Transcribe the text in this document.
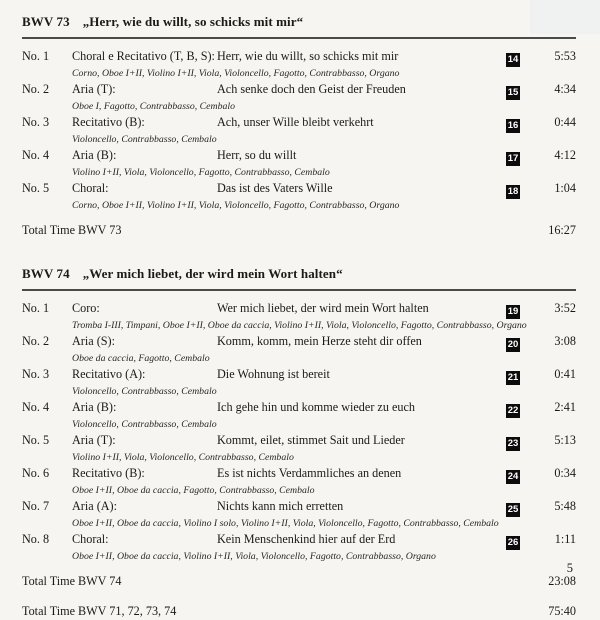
BWV 73 „Herr, wie du willt, so schicks mit mir“
No. 1	Choral e Recitativo (T, B, S): Herr, wie du willt, so schicks mit mir	14	5:53
Corno, Oboe I+II, Violino I+II, Viola, Violoncello, Fagotto, Contrabbasso, Organo
No. 2	Aria (T):	Ach senke doch den Geist der Freuden	15	4:34
Oboe I, Fagotto, Contrabbasso, Cembalo
No. 3	Recitativo (B):	Ach, unser Wille bleibt verkehrt	16	0:44
Violoncello, Contrabbasso, Cembalo
No. 4	Aria (B):	Herr, so du willt	17	4:12
Violino I+II, Viola, Violoncello, Fagotto, Contrabbasso, Cembalo
No. 5	Choral:	Das ist des Vaters Wille	18	1:04
Corno, Oboe I+II, Violino I+II, Viola, Violoncello, Fagotto, Contrabbasso, Organo
Total Time BWV 73	16:27
BWV 74 „Wer mich liebet, der wird mein Wort halten“
No. 1	Coro:	Wer mich liebet, der wird mein Wort halten	19	3:52
Tromba I-III, Timpani, Oboe I+II, Oboe da caccia, Violino I+II, Viola, Violoncello, Fagotto, Contrabbasso, Organo
No. 2	Aria (S):	Komm, komm, mein Herze steht dir offen	20	3:08
Oboe da caccia, Fagotto, Cembalo
No. 3	Recitativo (A):	Die Wohnung ist bereit	21	0:41
Violoncello, Contrabbasso, Cembalo
No. 4	Aria (B):	Ich gehe hin und komme wieder zu euch	22	2:41
Violoncello, Contrabbasso, Cembalo
No. 5	Aria (T):	Kommt, eilet, stimmet Sait und Lieder	23	5:13
Violino I+II, Viola, Violoncello, Contrabbasso, Cembalo
No. 6	Recitativo (B):	Es ist nichts Verdammliches an denen	24	0:34
Oboe I+II, Oboe da caccia, Fagotto, Contrabbasso, Cembalo
No. 7	Aria (A):	Nichts kann mich erretten	25	5:48
Oboe I+II, Oboe da caccia, Violino I solo, Violino I+II, Viola, Violoncello, Fagotto, Contrabbasso, Cembalo
No. 8	Choral:	Kein Menschenkind hier auf der Erd	26	1:11
Oboe I+II, Oboe da caccia, Violino I+II, Viola, Violoncello, Fagotto, Contrabbasso, Organo
Total Time BWV 74	23:08
Total Time BWV 71, 72, 73, 74	75:40
5
